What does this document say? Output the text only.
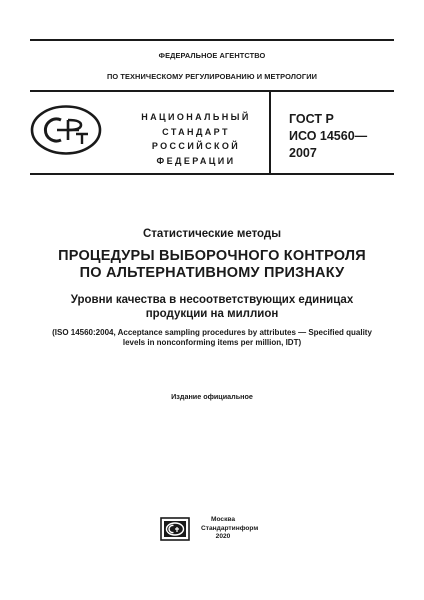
ФЕДЕРАЛЬНОЕ АГЕНТСТВО
ПО ТЕХНИЧЕСКОМУ РЕГУЛИРОВАНИЮ И МЕТРОЛОГИИ
НАЦИОНАЛЬНЫЙ
СТАНДАРТ
РОССИЙСКОЙ
ФЕДЕРАЦИИ
ГОСТ Р
ИСО 14560—
2007
Статистические методы
ПРОЦЕДУРЫ ВЫБОРОЧНОГО КОНТРОЛЯ
ПО АЛЬТЕРНАТИВНОМУ ПРИЗНАКУ
Уровни качества в несоответствующих единицах
продукции на миллион
(ISO 14560:2004, Acceptance sampling procedures by attributes — Specified quality
levels in nonconforming items per million, IDT)
Издание официальное
Москва
Стандартинформ
2020
